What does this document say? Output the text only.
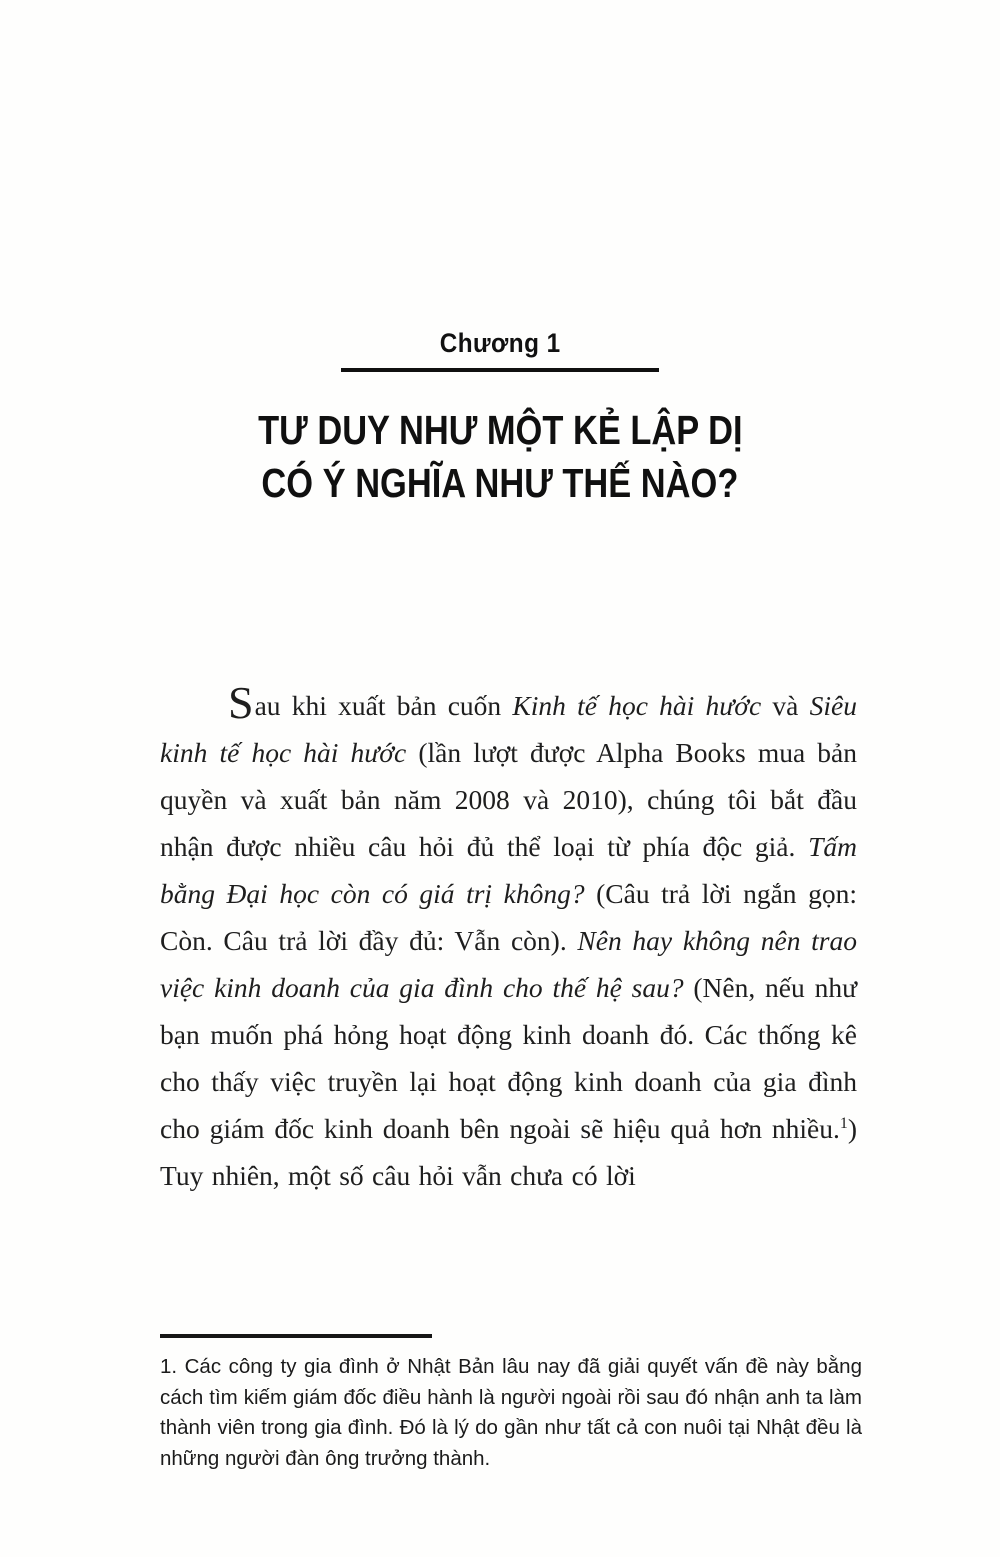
Chương 1
TƯ DUY NHƯ MỘT KẺ LẬP DỊ
CÓ Ý NGHĨA NHƯ THẾ NÀO?

Sau khi xuất bản cuốn Kinh tế học hài hước và Siêu kinh tế học hài hước (lần lượt được Alpha Books mua bản quyền và xuất bản năm 2008 và 2010), chúng tôi bắt đầu nhận được nhiều câu hỏi đủ thể loại từ phía độc giả. Tấm bằng Đại học còn có giá trị không? (Câu trả lời ngắn gọn: Còn. Câu trả lời đầy đủ: Vẫn còn). Nên hay không nên trao việc kinh doanh của gia đình cho thế hệ sau? (Nên, nếu như bạn muốn phá hỏng hoạt động kinh doanh đó. Các thống kê cho thấy việc truyền lại hoạt động kinh doanh của gia đình cho giám đốc kinh doanh bên ngoài sẽ hiệu quả hơn nhiều.$^1$) Tuy nhiên, một số câu hỏi vẫn chưa có lời

1. Các công ty gia đình ở Nhật Bản lâu nay đã giải quyết vấn đề này bằng cách tìm kiếm giám đốc điều hành là người ngoài rồi sau đó nhận anh ta làm thành viên trong gia đình. Đó là lý do gần như tất cả con nuôi tại Nhật đều là những người đàn ông trưởng thành.
